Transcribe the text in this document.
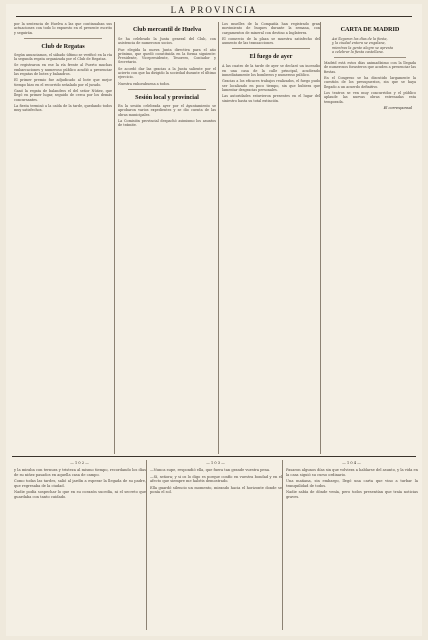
LA PROVINCIA

por la sentencia de Huelva a las que continuaban sus actuaciones con todo lo expuesto en el presente escrito y seguirán.

Club de Regatas

Según anunciamos, el sábado último se verificó en la ría la segunda regata organizada por el Club de Regatas.

Se registraron en ese la ría frente al Puerto muchas embarcaciones y numeroso público acudió a presenciar las regatas de botes y balandros.

El primer premio fue adjudicado al bote que mejor tiempo hizo en el recorrido señalado por el jurado.

Ganó la regata de balandros el del señor Núñez, que llegó en primer lugar, seguido de cerca por los demás concursantes.

La fiesta terminó a la caída de la tarde, quedando todos muy satisfechos.

Club mercantil de Huelva

Se ha celebrado la Junta general del Club, con asistencia de numerosos socios.

Fue elegida la nueva Junta directiva para el año próximo, que quedó constituida en la forma siguiente: Presidente, Vicepresidente, Tesorero, Contador y Secretario.

Se acordó dar las gracias a la Junta saliente por el acierto con que ha dirigido la sociedad durante el último ejercicio.

Nuestra enhorabuena a todos.

Sesión local y provincial

En la sesión celebrada ayer por el Ayuntamiento se aprobaron varios expedientes y se dio cuenta de las obras municipales.

La Comisión provincial despachó asimismo los asuntos de trámite.

Los muelles de la Compañía han registrado gran movimiento de buques durante la semana, con cargamentos de mineral con destino a Inglaterra.

El comercio de la plaza se muestra satisfecho del aumento de las transacciones.

El fuego de ayer

A las cuatro de la tarde de ayer se declaró un incendio en una casa de la calle principal, acudiendo inmediatamente los bomberos y numeroso público.

Gracias a los eficaces trabajos realizados, el fuego pudo ser localizado en poco tiempo, sin que hubiera que lamentar desgracias personales.

Las autoridades estuvieron presentes en el lugar del siniestro hasta su total extinción.

CARTA DE MADRID
Asi llegaron los días de la fiesta,
y la ciudad entera se engalana,
mientras la gente alegre se apresta
a celebrar la fiesta castellana.

Madrid está estos días animadísimo con la llegada de numerosos forasteros que acuden a presenciar las fiestas.

En el Congreso se ha discutido largamente la cuestión de los presupuestos, sin que se haya llegado a un acuerdo definitivo.

Los teatros se ven muy concurridos y el público aplaude las nuevas obras estrenadas esta temporada.

El corresponsal
—102—

y la miraba con ternura y tristeza al mismo tiempo, recordando los días de su niñez pasados en aquella casa de campo.

Como todas las tardes, salió al jardín a esperar la llegada de su padre, que regresaba de la ciudad.

Nadie podía sospechar lo que en su corazón sucedía, ni el secreto que guardaba con tanto cuidado.

—103—

—Nunca supe, respondió ella, que fuera tan grande vuestra pena.

—Sí, señora; y si os lo digo es porque confío en vuestra bondad y en el afecto que siempre me habéis demostrado.

Ella guardó silencio un momento, mirando hacia el horizonte donde se ponía el sol.

—104—

Pasaron algunos días sin que volviera a hablarse del asunto, y la vida en la casa siguió su curso ordinario.

Una mañana, sin embargo, llegó una carta que vino a turbar la tranquilidad de todos.

Nadie sabía de dónde venía, pero todos presentían que traía noticias graves.
